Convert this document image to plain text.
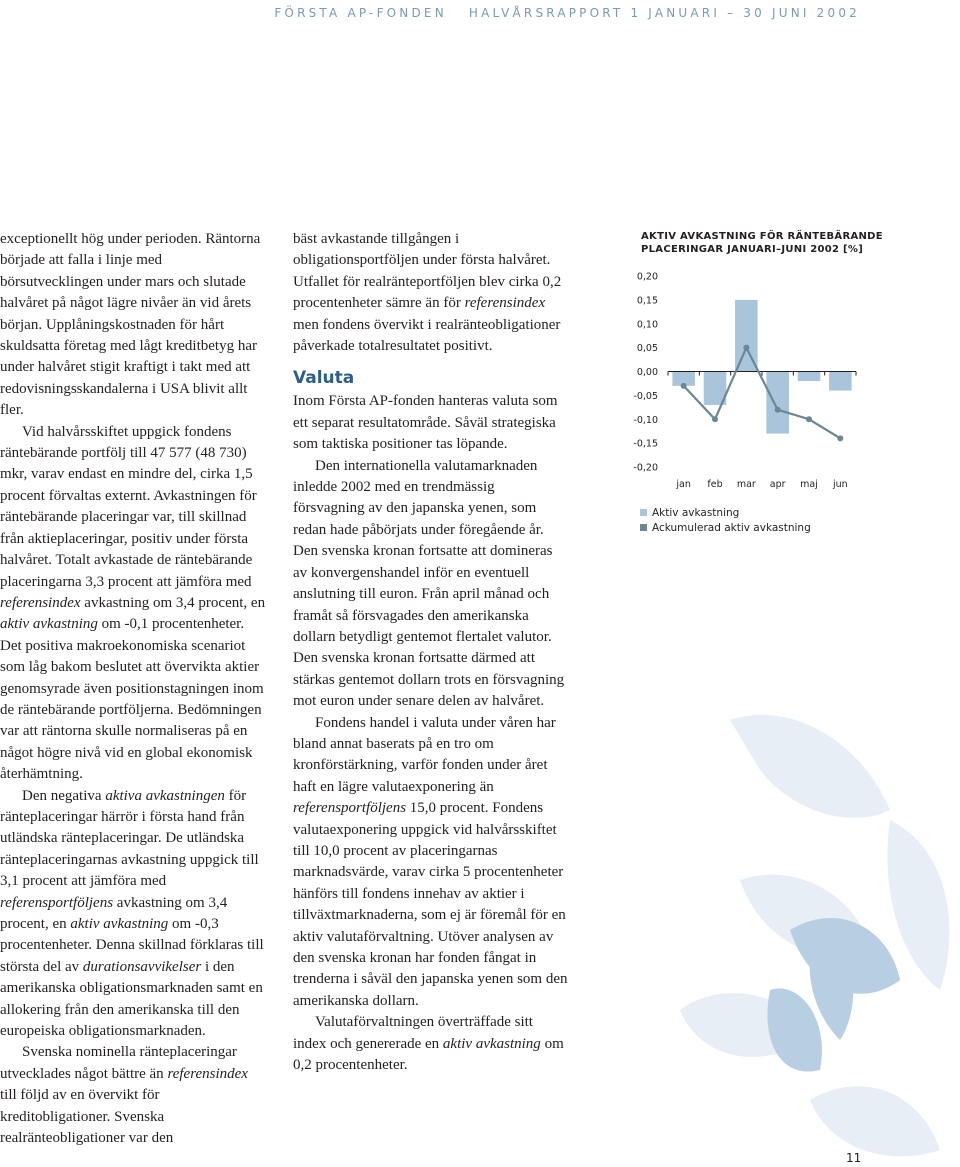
FÖRSTA AP-FONDEN HALVÅRSRAPPORT 1 JANUARI – 30 JUNI 2002

exceptionellt hög under perioden. Räntorna började att falla i linje med börsutvecklingen under mars och slutade halvåret på något lägre nivåer än vid årets början. Upplåningskostnaden för hårt skuldsatta företag med lågt kreditbetyg har under halvåret stigit kraftigt i takt med att redovisningsskandalerna i USA blivit allt fler.

Vid halvårsskiftet uppgick fondens räntebärande portfölj till 47 577 (48 730) mkr, varav endast en mindre del, cirka 1,5 procent förvaltas externt. Avkastningen för räntebärande placeringar var, till skillnad från aktieplaceringar, positiv under första halvåret. Totalt avkastade de räntebärande placeringarna 3,3 procent att jämföra med referensindex avkastning om 3,4 procent, en aktiv avkastning om -0,1 procentenheter. Det positiva makroekonomiska scenariot som låg bakom beslutet att övervikta aktier genomsyrade även positionstagningen inom de räntebärande portföljerna. Bedömningen var att räntorna skulle normaliseras på en något högre nivå vid en global ekonomisk återhämtning.

Den negativa aktiva avkastningen för ränteplaceringar härrör i första hand från utländska ränteplaceringar. De utländska ränteplaceringarnas avkastning uppgick till 3,1 procent att jämföra med referensportföljens avkastning om 3,4 procent, en aktiv avkastning om -0,3 procentenheter. Denna skillnad förklaras till största del av durationsavvikelser i den amerikanska obligationsmarknaden samt en allokering från den amerikanska till den europeiska obligationsmarknaden.

Svenska nominella ränteplaceringar utvecklades något bättre än referensindex till följd av en övervikt för kreditobligationer. Svenska realränteobligationer var den

bäst avkastande tillgången i obligationsportföljen under första halvåret. Utfallet för realränteportföljen blev cirka 0,2 procentenheter sämre än för referensindex men fondens övervikt i realränteobligationer påverkade totalresultatet positivt.

Valuta

Inom Första AP-fonden hanteras valuta som ett separat resultatområde. Såväl strategiska som taktiska positioner tas löpande.

Den internationella valutamarknaden inledde 2002 med en trendmässig försvagning av den japanska yenen, som redan hade påbörjats under föregående år. Den svenska kronan fortsatte att domineras av konvergenshandel inför en eventuell anslutning till euron. Från april månad och framåt så försvagades den amerikanska dollarn betydligt gentemot flertalet valutor. Den svenska kronan fortsatte därmed att stärkas gentemot dollarn trots en försvagning mot euron under senare delen av halvåret.

Fondens handel i valuta under våren har bland annat baserats på en tro om kronförstärkning, varför fonden under året haft en lägre valutaexponering än referensportföljens 15,0 procent. Fondens valutaexponering uppgick vid halvårsskiftet till 10,0 procent av placeringarnas marknadsvärde, varav cirka 5 procentenheter hänförs till fondens innehav av aktier i tillväxtmarknaderna, som ej är föremål för en aktiv valutaförvaltning. Utöver analysen av den svenska kronan har fonden fångat in trenderna i såväl den japanska yenen som den amerikanska dollarn.

Valutaförvaltningen överträffade sitt index och genererade en aktiv avkastning om 0,2 procentenheter.

AKTIV AVKASTNING FÖR RÄNTEBÄRANDE PLACERINGAR JANUARI–JUNI 2002 [%]
0,20
0,15
0,10
0,05
0,00
-0,05
-0,10
-0,15
-0,20
jan feb mar apr maj jun
Aktiv avkastning
Ackumulerad aktiv avkastning
11
